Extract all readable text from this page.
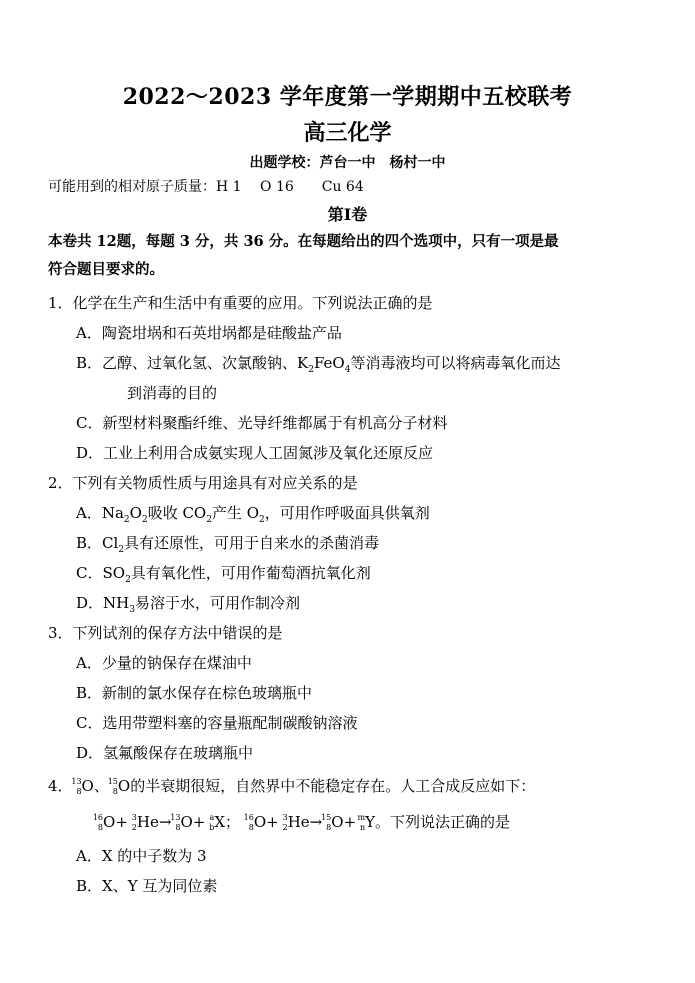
2022～2023 学年度第一学期期中五校联考
高三化学
出题学校：芦台一中　杨村一中
可能用到的相对原子质量：H 1　 O 16　　Cu 64
第Ⅰ卷
本卷共 12题，每题 3 分，共 36 分。在每题给出的四个选项中，只有一项是最
符合题目要求的。
1．化学在生产和生活中有重要的应用。下列说法正确的是
A．陶瓷坩埚和石英坩埚都是硅酸盐产品
B．乙醇、过氧化氢、次氯酸钠、$K_2FeO_4$等消毒液均可以将病毒氧化而达
到消毒的目的
C．新型材料聚酯纤维、光导纤维都属于有机高分子材料
D．工业上利用合成氨实现人工固氮涉及氧化还原反应
2．下列有关物质性质与用途具有对应关系的是
A．$Na_2O_2$吸收 $CO_2$产生 $O_2$，可用作呼吸面具供氧剂
B．$Cl_2$具有还原性，可用于自来水的杀菌消毒
C．$SO_2$具有氧化性，可用作葡萄酒抗氧化剂
D．$NH_3$易溶于水，可用作制冷剂
3．下列试剂的保存方法中错误的是
A．少量的钠保存在煤油中
B．新制的氯水保存在棕色玻璃瓶中
C．选用带塑料塞的容量瓶配制碳酸钠溶液
D．氢氟酸保存在玻璃瓶中
4．
13
8 O、
15
8 O的半衰期很短，自然界中不能稳定存在。人工合成反应如下：
16
8 O+ 3
2 He→
13
8 O+ a
b X； 16
8 O+ 3
2 He→
15
8 O+ m
n Y。下列说法正确的是
A．X 的中子数为 3
B．X、Y 互为同位素
